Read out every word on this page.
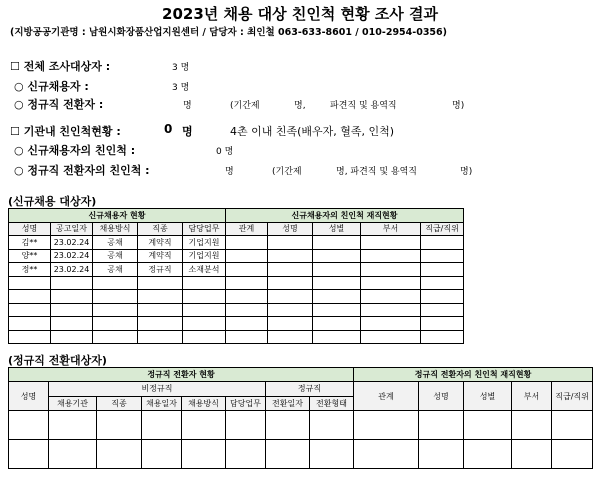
2023년 채용 대상 친인척 현황 조사 결과
(지방공공기관명 : 남원시화장품산업지원센터 / 담당자 : 최인철 063-633-8601 / 010-2954-0356)
☐ 전체 조사대상자 :	3 명
○ 신규채용자 :	3 명
○ 정규직 전환자 :	명	(기간제	명,	파견직 및 용역직	명)
☐ 기관내 친인척현황 :	0 명	4촌 이내 친족(배우자, 혈족, 인척)
○ 신규채용자의 친인척 :	0 명
○ 정규직 전환자의 친인척 :	명	(기간제	명, 파견직 및 용역직	명)
(신규채용 대상자)
신규채용자 현황					신규채용자의 친인척 재직현황				
성명	공고일자	채용방식	직종	담당업무	관계	성명	성별	부서	직급/직위
김**	23.02.24	공채	계약직	기업지원					
양**	23.02.24	공채	계약직	기업지원					
정**	23.02.24	공채	정규직	소재분석					

(정규직 전환대상자)
정규직 전환자 현황								정규직 전환자의 친인척 재직현황				
성명	비정규직					정규직		관계	성명	성별	부서	직급/직위
	채용기관	직종	채용일자	채용방식	담당업무	전환일자	전환형태					
